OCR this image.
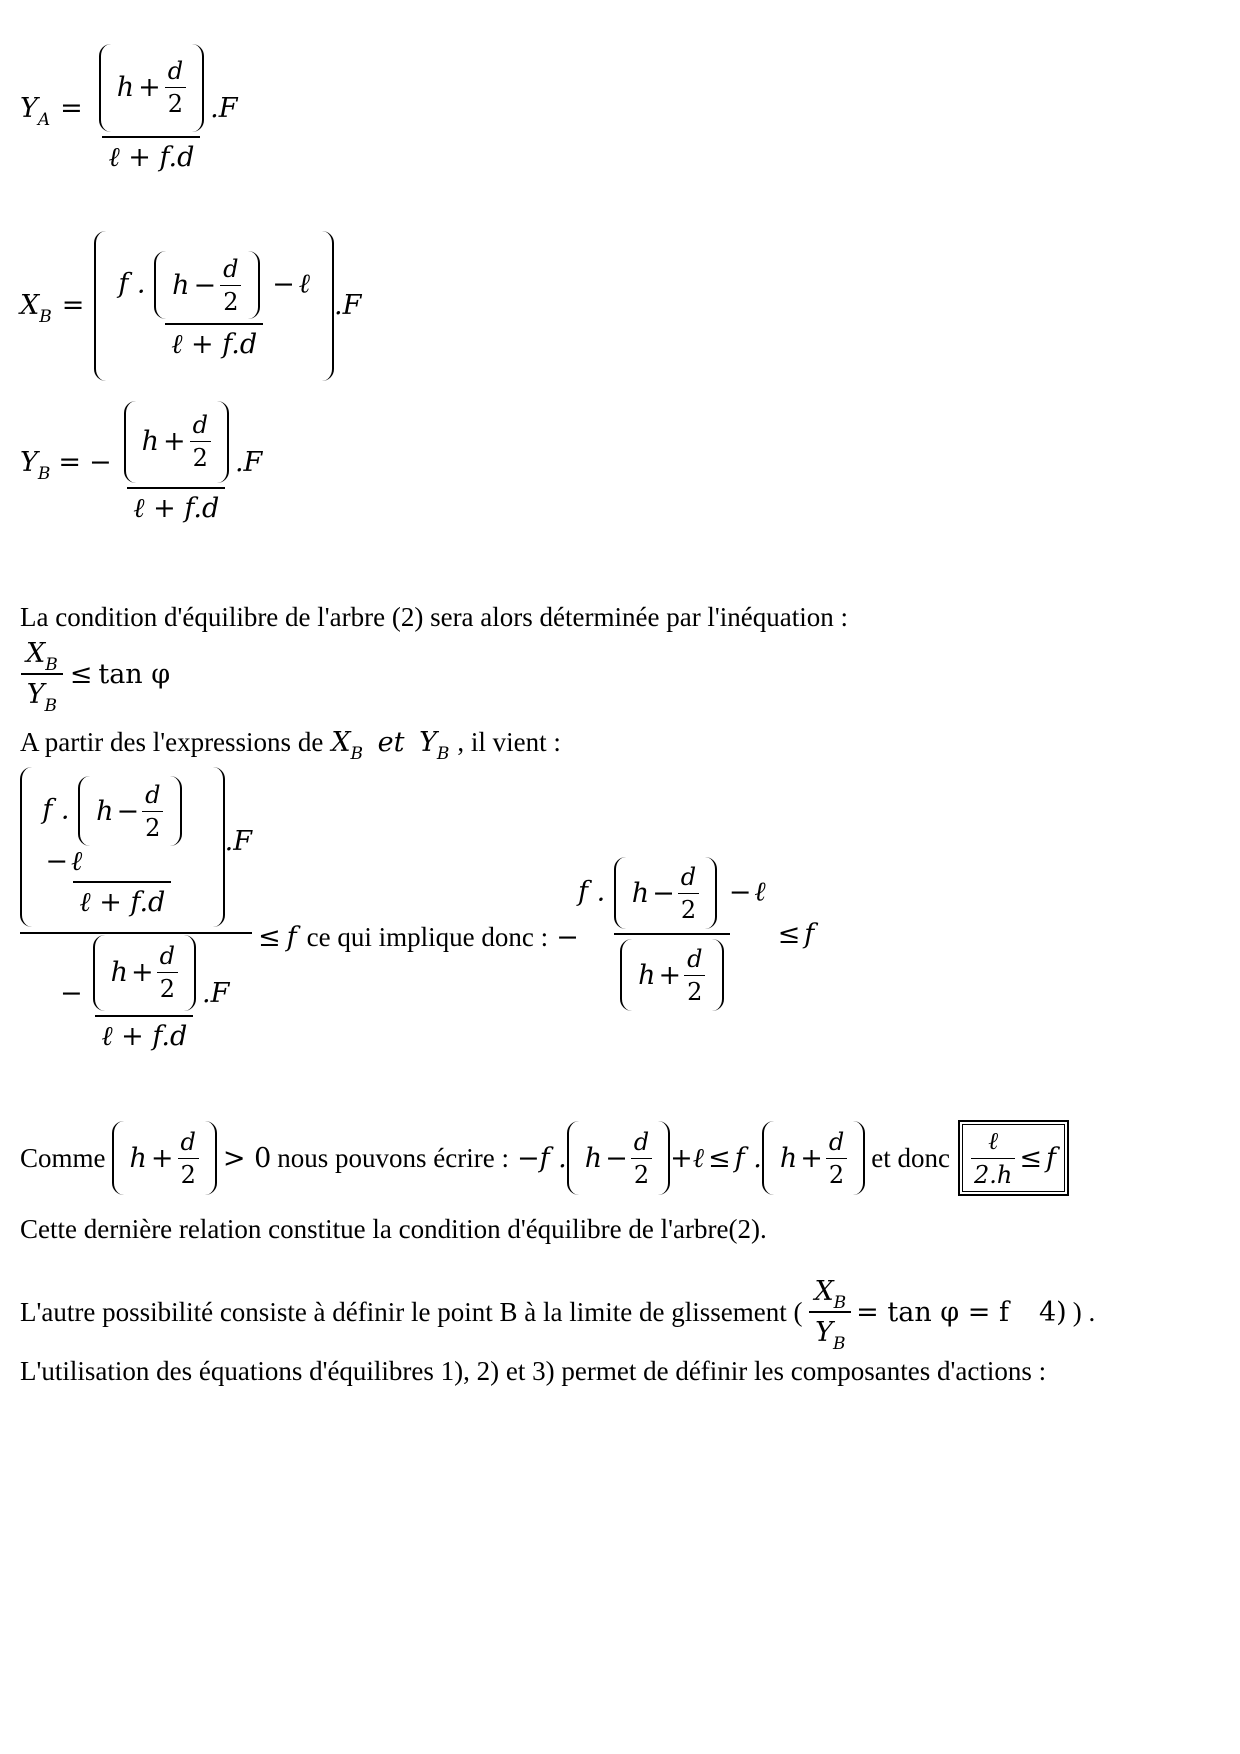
$Y_A = \frac{h + \frac{d}{2}}{\text{ℓ + f.d}} .F$
$X_B$ =
f . $h - \frac{d}{2}$ − ℓ
ℓ + f.d
.F
$Y_B$ = − $\frac{h + \frac{d}{2}}{\text{ℓ + f.d}} .F$
La condition d'équilibre de l'arbre (2) sera alors déterminée par l'inéquation :
$\frac{X_B}{Y_B} \le \tan \varphi$
A partir des l'expressions de $X_B$ et $Y_B$ , il vient :
f . $h - \frac{d}{2}$
− ℓ
ℓ + f.d
.F
− $\frac{h + \frac{d}{2}}{\text{ℓ + f.d}} .F$
≤ f ce qui implique donc : −
f . $h - \frac{d}{2}$ − ℓ
$h + \frac{d}{2}$
≤ f
Comme $h + \frac{d}{2} > 0$ nous pouvons écrire : − f . $h - \frac{d}{2}$ + ℓ ≤ f . $h + \frac{d}{2}$ et donc $\frac{\text{ℓ}}{2.h} \le f$
Cette dernière relation constitue la condition d'équilibre de l'arbre(2).
L'autre possibilité consiste à définir le point B à la limite de glissement ( $\frac{X_B}{Y_B} = \tan \varphi = f$ 4) ) .
L'utilisation des équations d'équilibres 1), 2) et 3) permet de définir les composantes d'actions :
